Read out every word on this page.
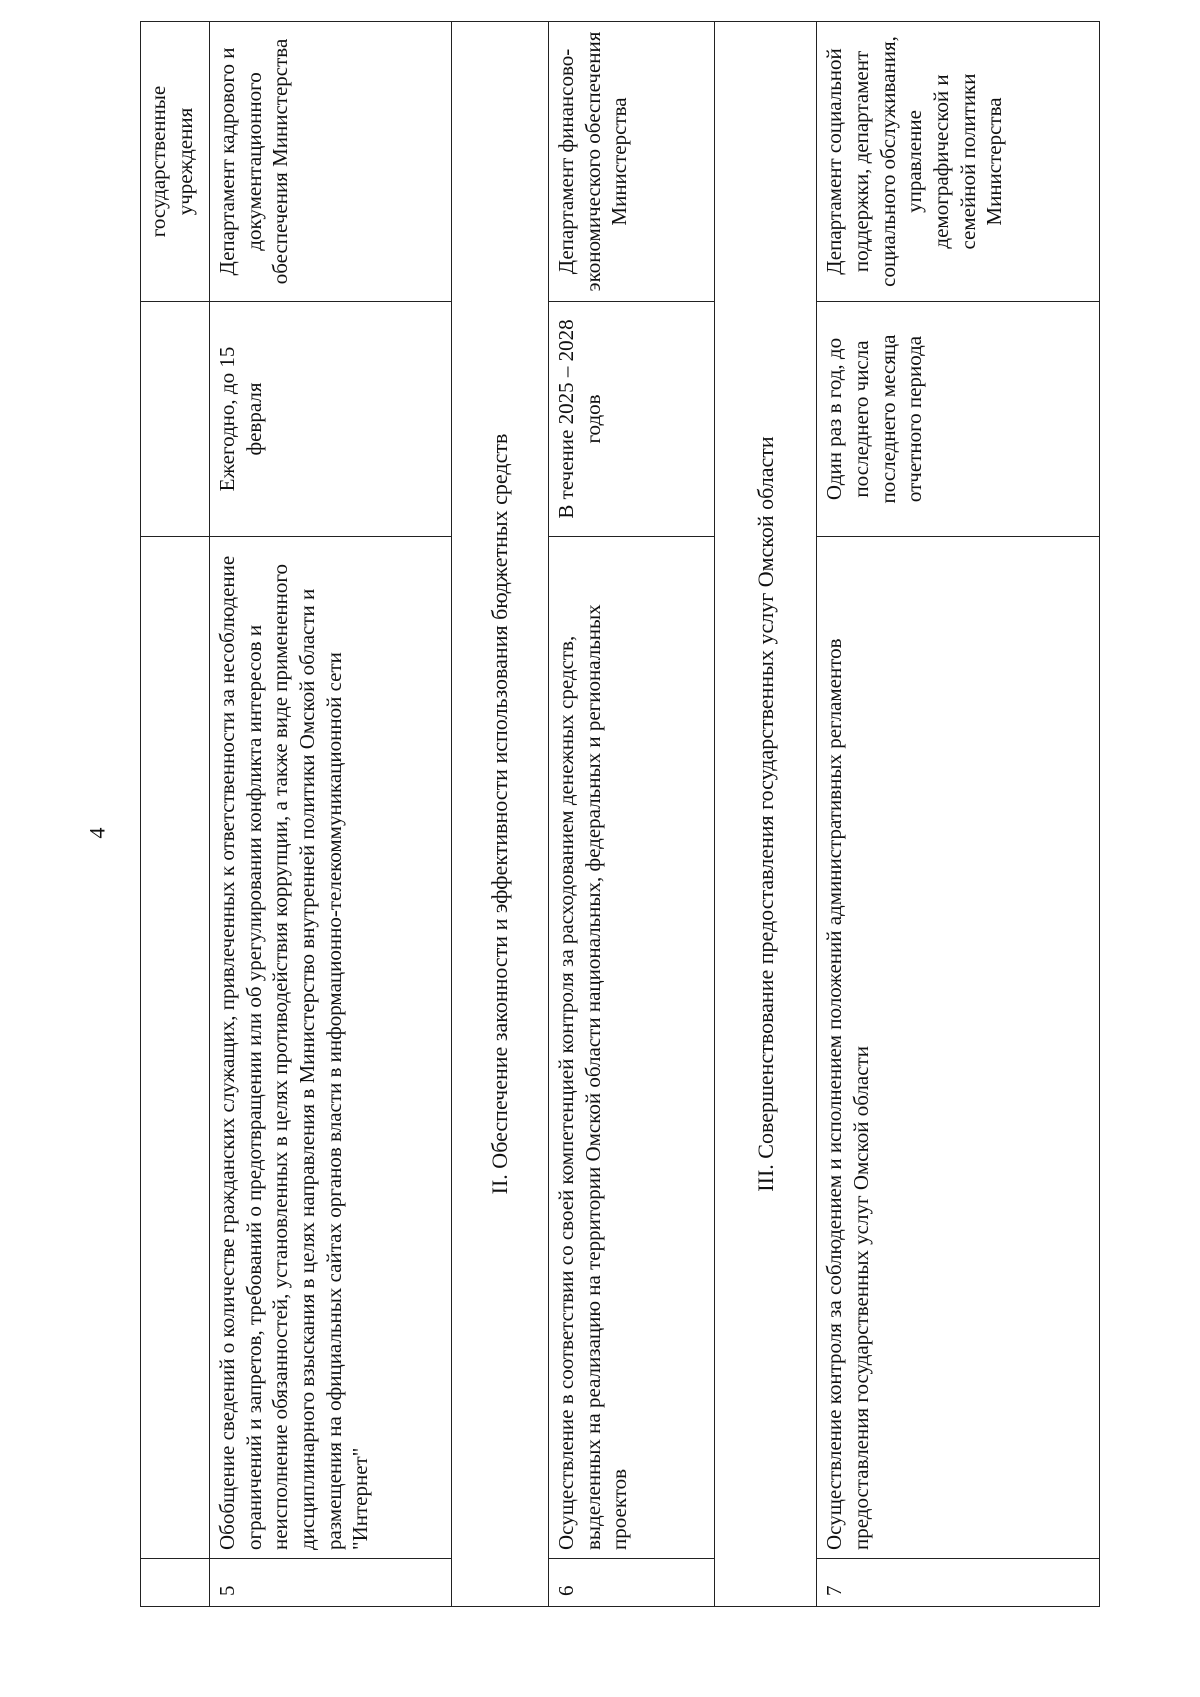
4
			государственные учреждения
5	Обобщение сведений о количестве гражданских служащих, привлеченных к ответственности за несоблюдение ограничений и запретов, требований о предотвращении или об урегулировании конфликта интересов и неисполнение обязанностей, установленных в целях противодействия коррупции, а также виде примененного дисциплинарного взыскания в целях направления в Министерство внутренней политики Омской области и размещения на официальных сайтах органов власти в информационно-телекоммуникационной сети "Интернет"	Ежегодно, до 15 февраля	Департамент кадрового и документационного обеспечения Министерства
II. Обеспечение законности и эффективности использования бюджетных средств			
6	Осуществление в соответствии со своей компетенцией контроля за расходованием денежных средств, выделенных на реализацию на территории Омской области национальных, федеральных и региональных проектов	В течение 2025 – 2028 годов	Департамент финансово-экономического обеспечения Министерства
III. Совершенствование предоставления государственных услуг Омской области			
7	Осуществление контроля за соблюдением и исполнением положений административных регламентов предоставления государственных услуг Омской области	Один раз в год, до последнего числа последнего месяца отчетного периода	Департамент социальной поддержки, департамент социального обслуживания, управление демографической и семейной политики Министерства
